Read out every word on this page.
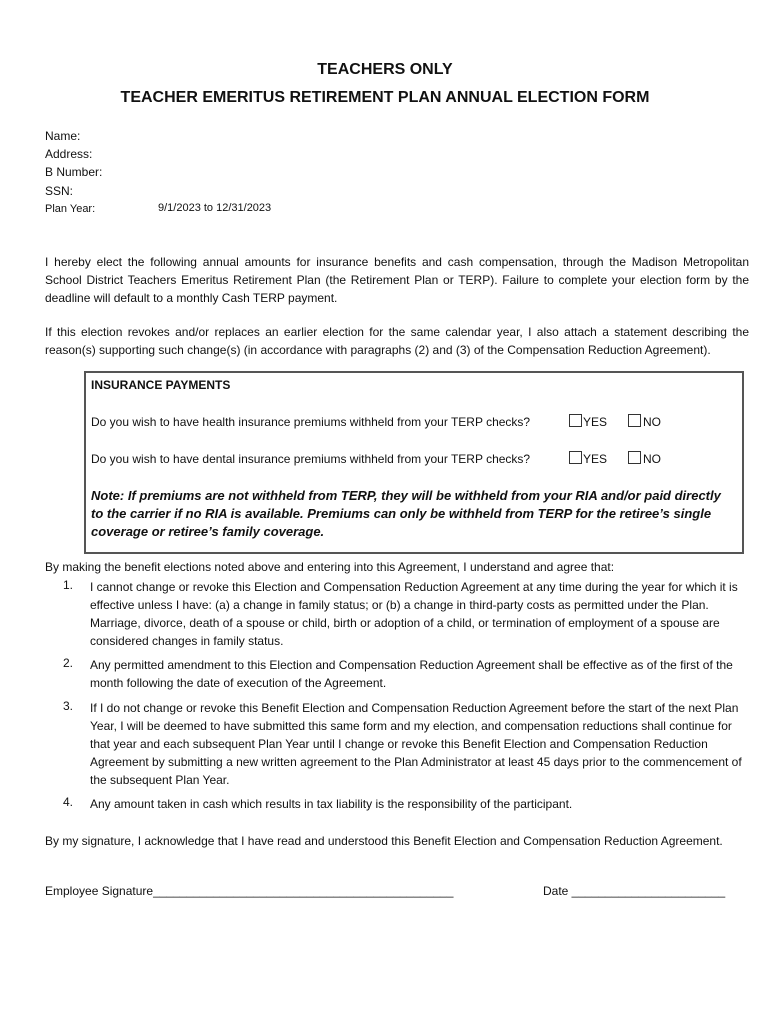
TEACHERS ONLY
TEACHER EMERITUS RETIREMENT PLAN ANNUAL ELECTION FORM
Name:
Address:
B Number:
SSN:
Plan Year:	9/1/2023 to 12/31/2023
I hereby elect the following annual amounts for insurance benefits and cash compensation, through the Madison Metropolitan School District Teachers Emeritus Retirement Plan (the Retirement Plan or TERP). Failure to complete your election form by the deadline will default to a monthly Cash TERP payment.
If this election revokes and/or replaces an earlier election for the same calendar year, I also attach a statement describing the reason(s) supporting such change(s) (in accordance with paragraphs (2) and (3) of the Compensation Reduction Agreement).
INSURANCE PAYMENTS
Do you wish to have health insurance premiums withheld from your TERP checks?	YES	NO
Do you wish to have dental insurance premiums withheld from your TERP checks?	YES	NO
Note: If premiums are not withheld from TERP, they will be withheld from your RIA and/or paid directly to the carrier if no RIA is available. Premiums can only be withheld from TERP for the retiree’s single coverage or retiree’s family coverage.
By making the benefit elections noted above and entering into this Agreement, I understand and agree that:
1.	I cannot change or revoke this Election and Compensation Reduction Agreement at any time during the year for which it is effective unless I have: (a) a change in family status; or (b) a change in third-party costs as permitted under the Plan. Marriage, divorce, death of a spouse or child, birth or adoption of a child, or termination of employment of a spouse are considered changes in family status.
2.	Any permitted amendment to this Election and Compensation Reduction Agreement shall be effective as of the first of the month following the date of execution of the Agreement.
3.	If I do not change or revoke this Benefit Election and Compensation Reduction Agreement before the start of the next Plan Year, I will be deemed to have submitted this same form and my election, and compensation reductions shall continue for that year and each subsequent Plan Year until I change or revoke this Benefit Election and Compensation Reduction Agreement by submitting a new written agreement to the Plan Administrator at least 45 days prior to the commencement of the subsequent Plan Year.
4.	Any amount taken in cash which results in tax liability is the responsibility of the participant.
By my signature, I acknowledge that I have read and understood this Benefit Election and Compensation Reduction Agreement.
Employee Signature_____________________________________________	Date _______________________
